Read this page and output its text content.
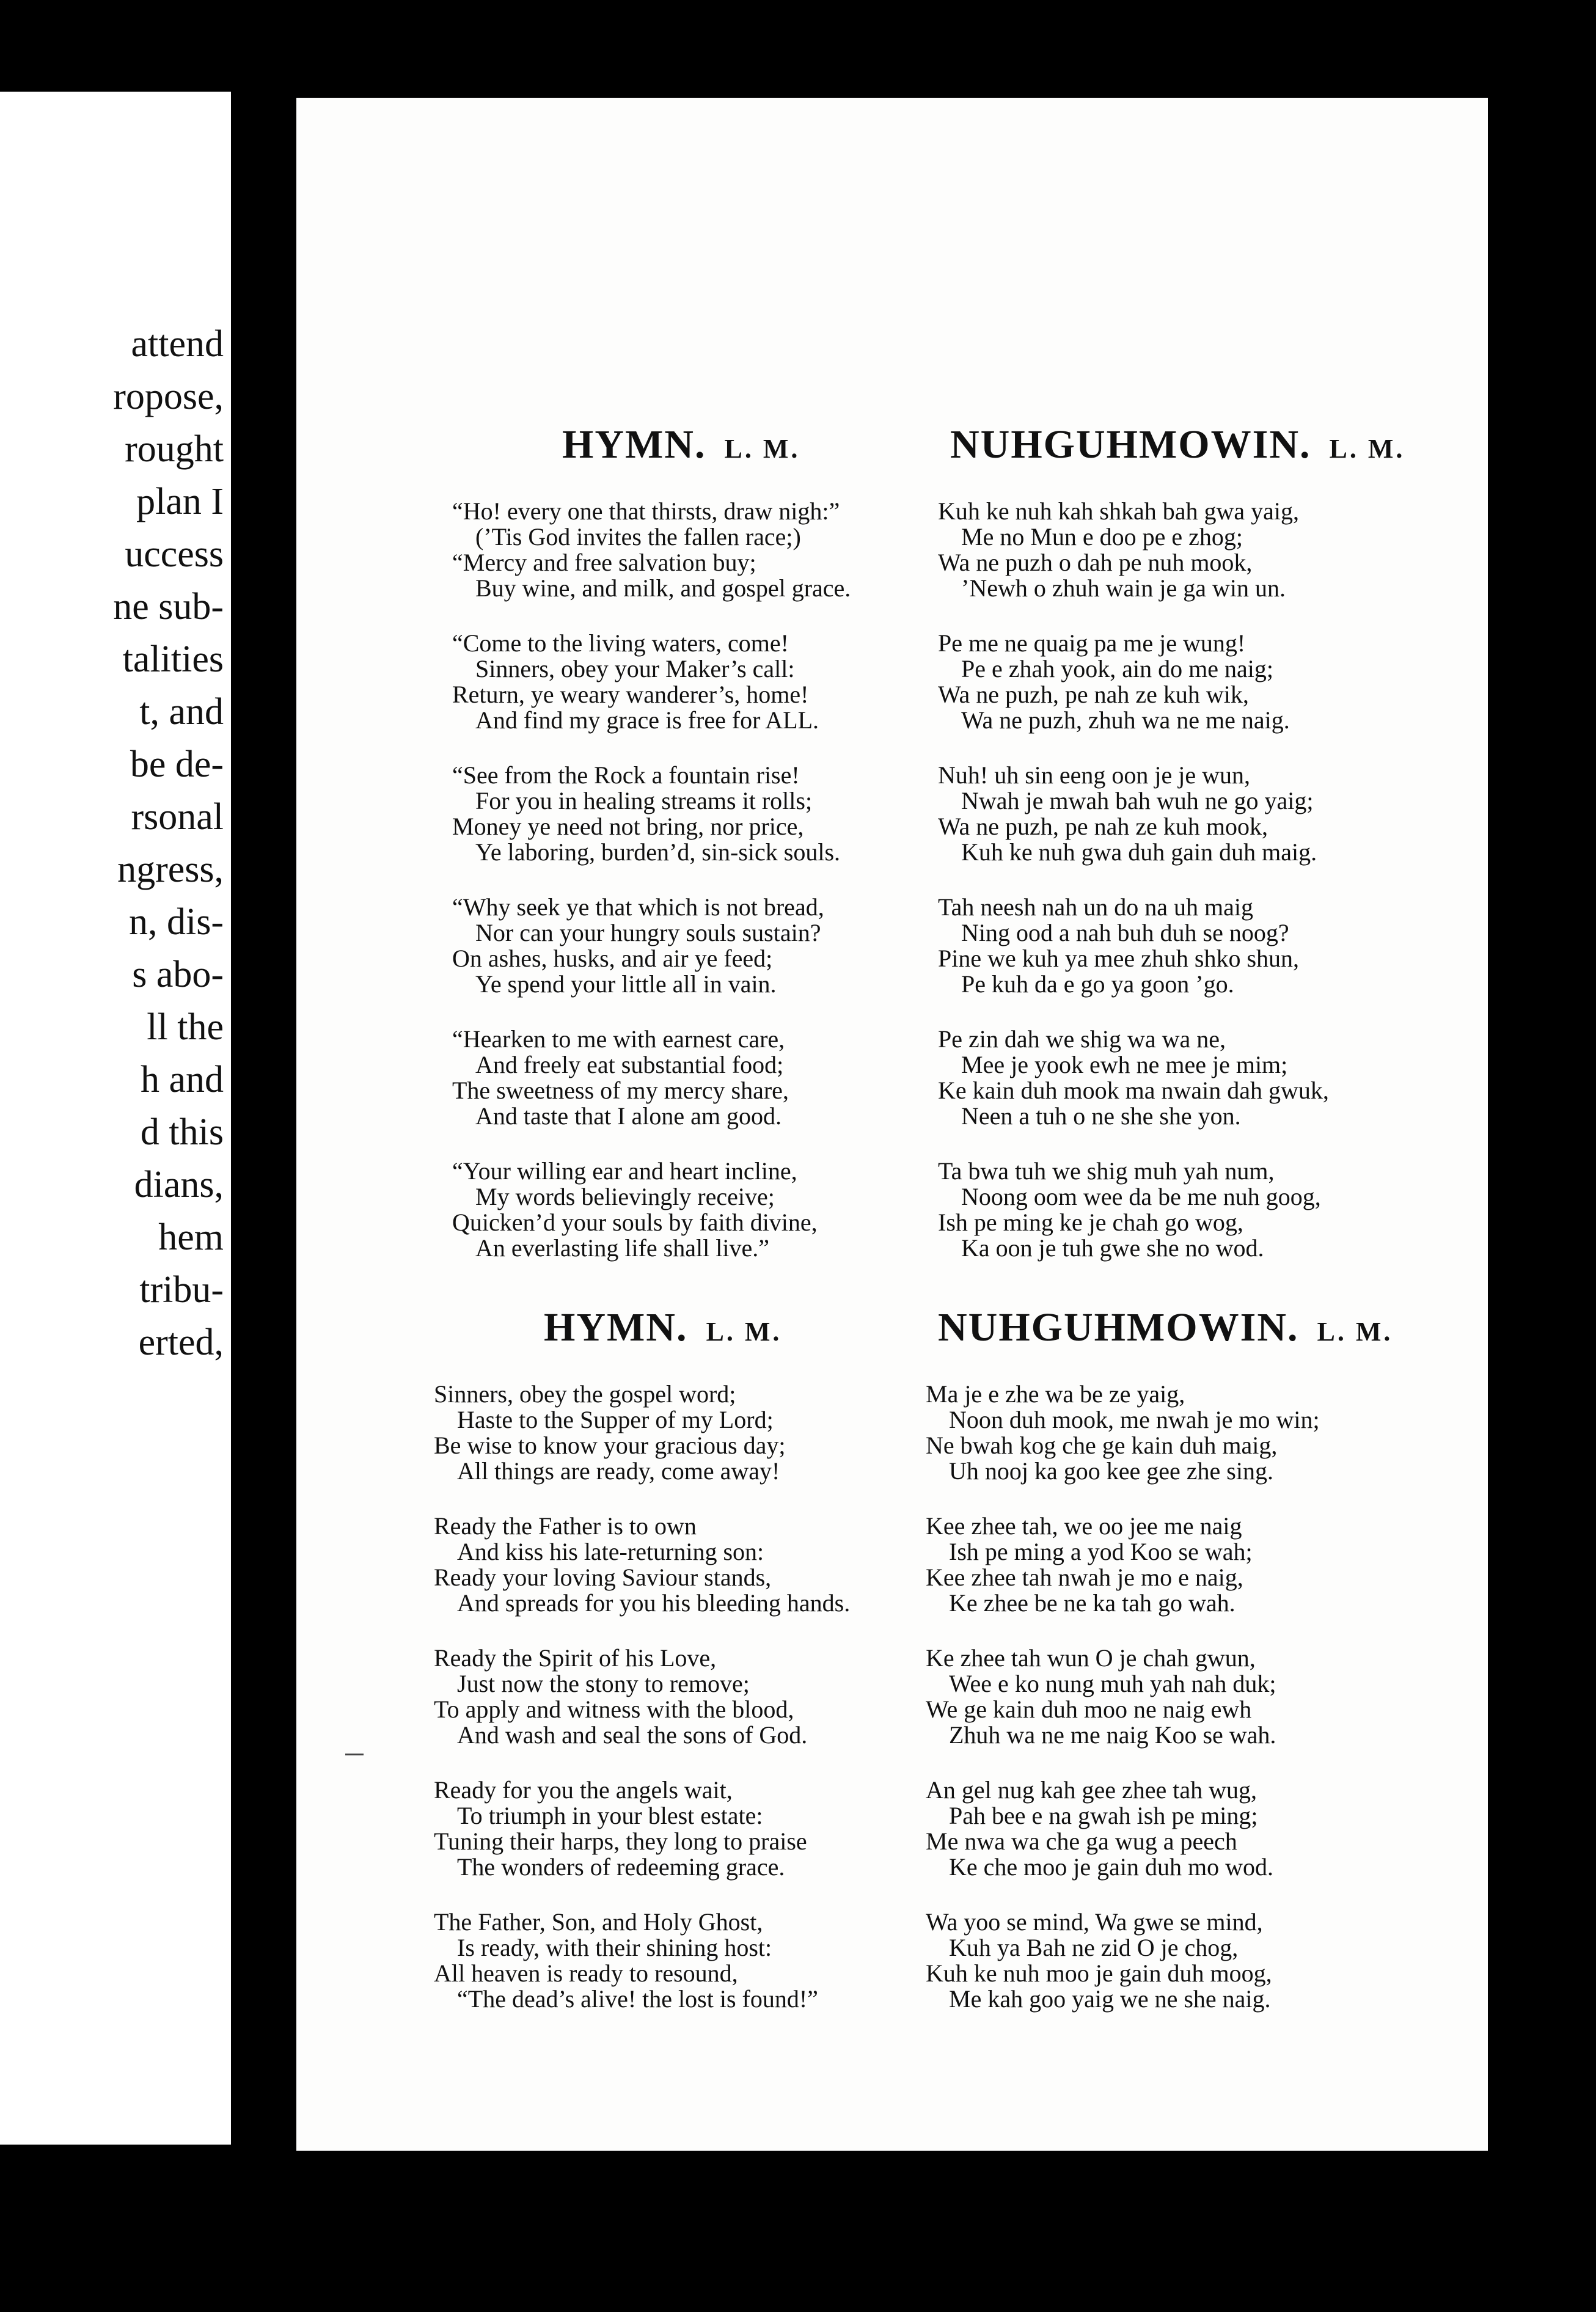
attend
ropose,
rought
plan I
uccess
ne sub-
talities
t, and
be de-
rsonal
ngress,
n, dis-
s abo-
ll the
h and
d this
dians,
hem
tribu-
erted,
HYMN. L. M.
“Ho! every one that thirsts, draw nigh:”
(’Tis God invites the fallen race;)
“Mercy and free salvation buy;
Buy wine, and milk, and gospel grace.
“Come to the living waters, come!
Sinners, obey your Maker’s call:
Return, ye weary wanderer’s, home!
And find my grace is free for ALL.
“See from the Rock a fountain rise!
For you in healing streams it rolls;
Money ye need not bring, nor price,
Ye laboring, burden’d, sin-sick souls.
“Why seek ye that which is not bread,
Nor can your hungry souls sustain?
On ashes, husks, and air ye feed;
Ye spend your little all in vain.
“Hearken to me with earnest care,
And freely eat substantial food;
The sweetness of my mercy share,
And taste that I alone am good.
“Your willing ear and heart incline,
My words believingly receive;
Quicken’d your souls by faith divine,
An everlasting life shall live.”
NUHGUHMOWIN. L. M.
Kuh ke nuh kah shkah bah gwa yaig,
Me no Mun e doo pe e zhog;
Wa ne puzh o dah pe nuh mook,
’Newh o zhuh wain je ga win un.
Pe me ne quaig pa me je wung!
Pe e zhah yook, ain do me naig;
Wa ne puzh, pe nah ze kuh wik,
Wa ne puzh, zhuh wa ne me naig.
Nuh! uh sin eeng oon je je wun,
Nwah je mwah bah wuh ne go yaig;
Wa ne puzh, pe nah ze kuh mook,
Kuh ke nuh gwa duh gain duh maig.
Tah neesh nah un do na uh maig
Ning ood a nah buh duh se noog?
Pine we kuh ya mee zhuh shko shun,
Pe kuh da e go ya goon ’go.
Pe zin dah we shig wa wa ne,
Mee je yook ewh ne mee je mim;
Ke kain duh mook ma nwain dah gwuk,
Neen a tuh o ne she she yon.
Ta bwa tuh we shig muh yah num,
Noong oom wee da be me nuh goog,
Ish pe ming ke je chah go wog,
Ka oon je tuh gwe she no wod.
HYMN. L. M.
Sinners, obey the gospel word;
Haste to the Supper of my Lord;
Be wise to know your gracious day;
All things are ready, come away!
Ready the Father is to own
And kiss his late-returning son:
Ready your loving Saviour stands,
And spreads for you his bleeding hands.
Ready the Spirit of his Love,
Just now the stony to remove;
To apply and witness with the blood,
And wash and seal the sons of God.
Ready for you the angels wait,
To triumph in your blest estate:
Tuning their harps, they long to praise
The wonders of redeeming grace.
The Father, Son, and Holy Ghost,
Is ready, with their shining host:
All heaven is ready to resound,
“The dead’s alive! the lost is found!”
NUHGUHMOWIN. L. M.
Ma je e zhe wa be ze yaig,
Noon duh mook, me nwah je mo win;
Ne bwah kog che ge kain duh maig,
Uh nooj ka goo kee gee zhe sing.
Kee zhee tah, we oo jee me naig
Ish pe ming a yod Koo se wah;
Kee zhee tah nwah je mo e naig,
Ke zhee be ne ka tah go wah.
Ke zhee tah wun O je chah gwun,
Wee e ko nung muh yah nah duk;
We ge kain duh moo ne naig ewh
Zhuh wa ne me naig Koo se wah.
An gel nug kah gee zhee tah wug,
Pah bee e na gwah ish pe ming;
Me nwa wa che ga wug a peech
Ke che moo je gain duh mo wod.
Wa yoo se mind, Wa gwe se mind,
Kuh ya Bah ne zid O je chog,
Kuh ke nuh moo je gain duh moog,
Me kah goo yaig we ne she naig.
